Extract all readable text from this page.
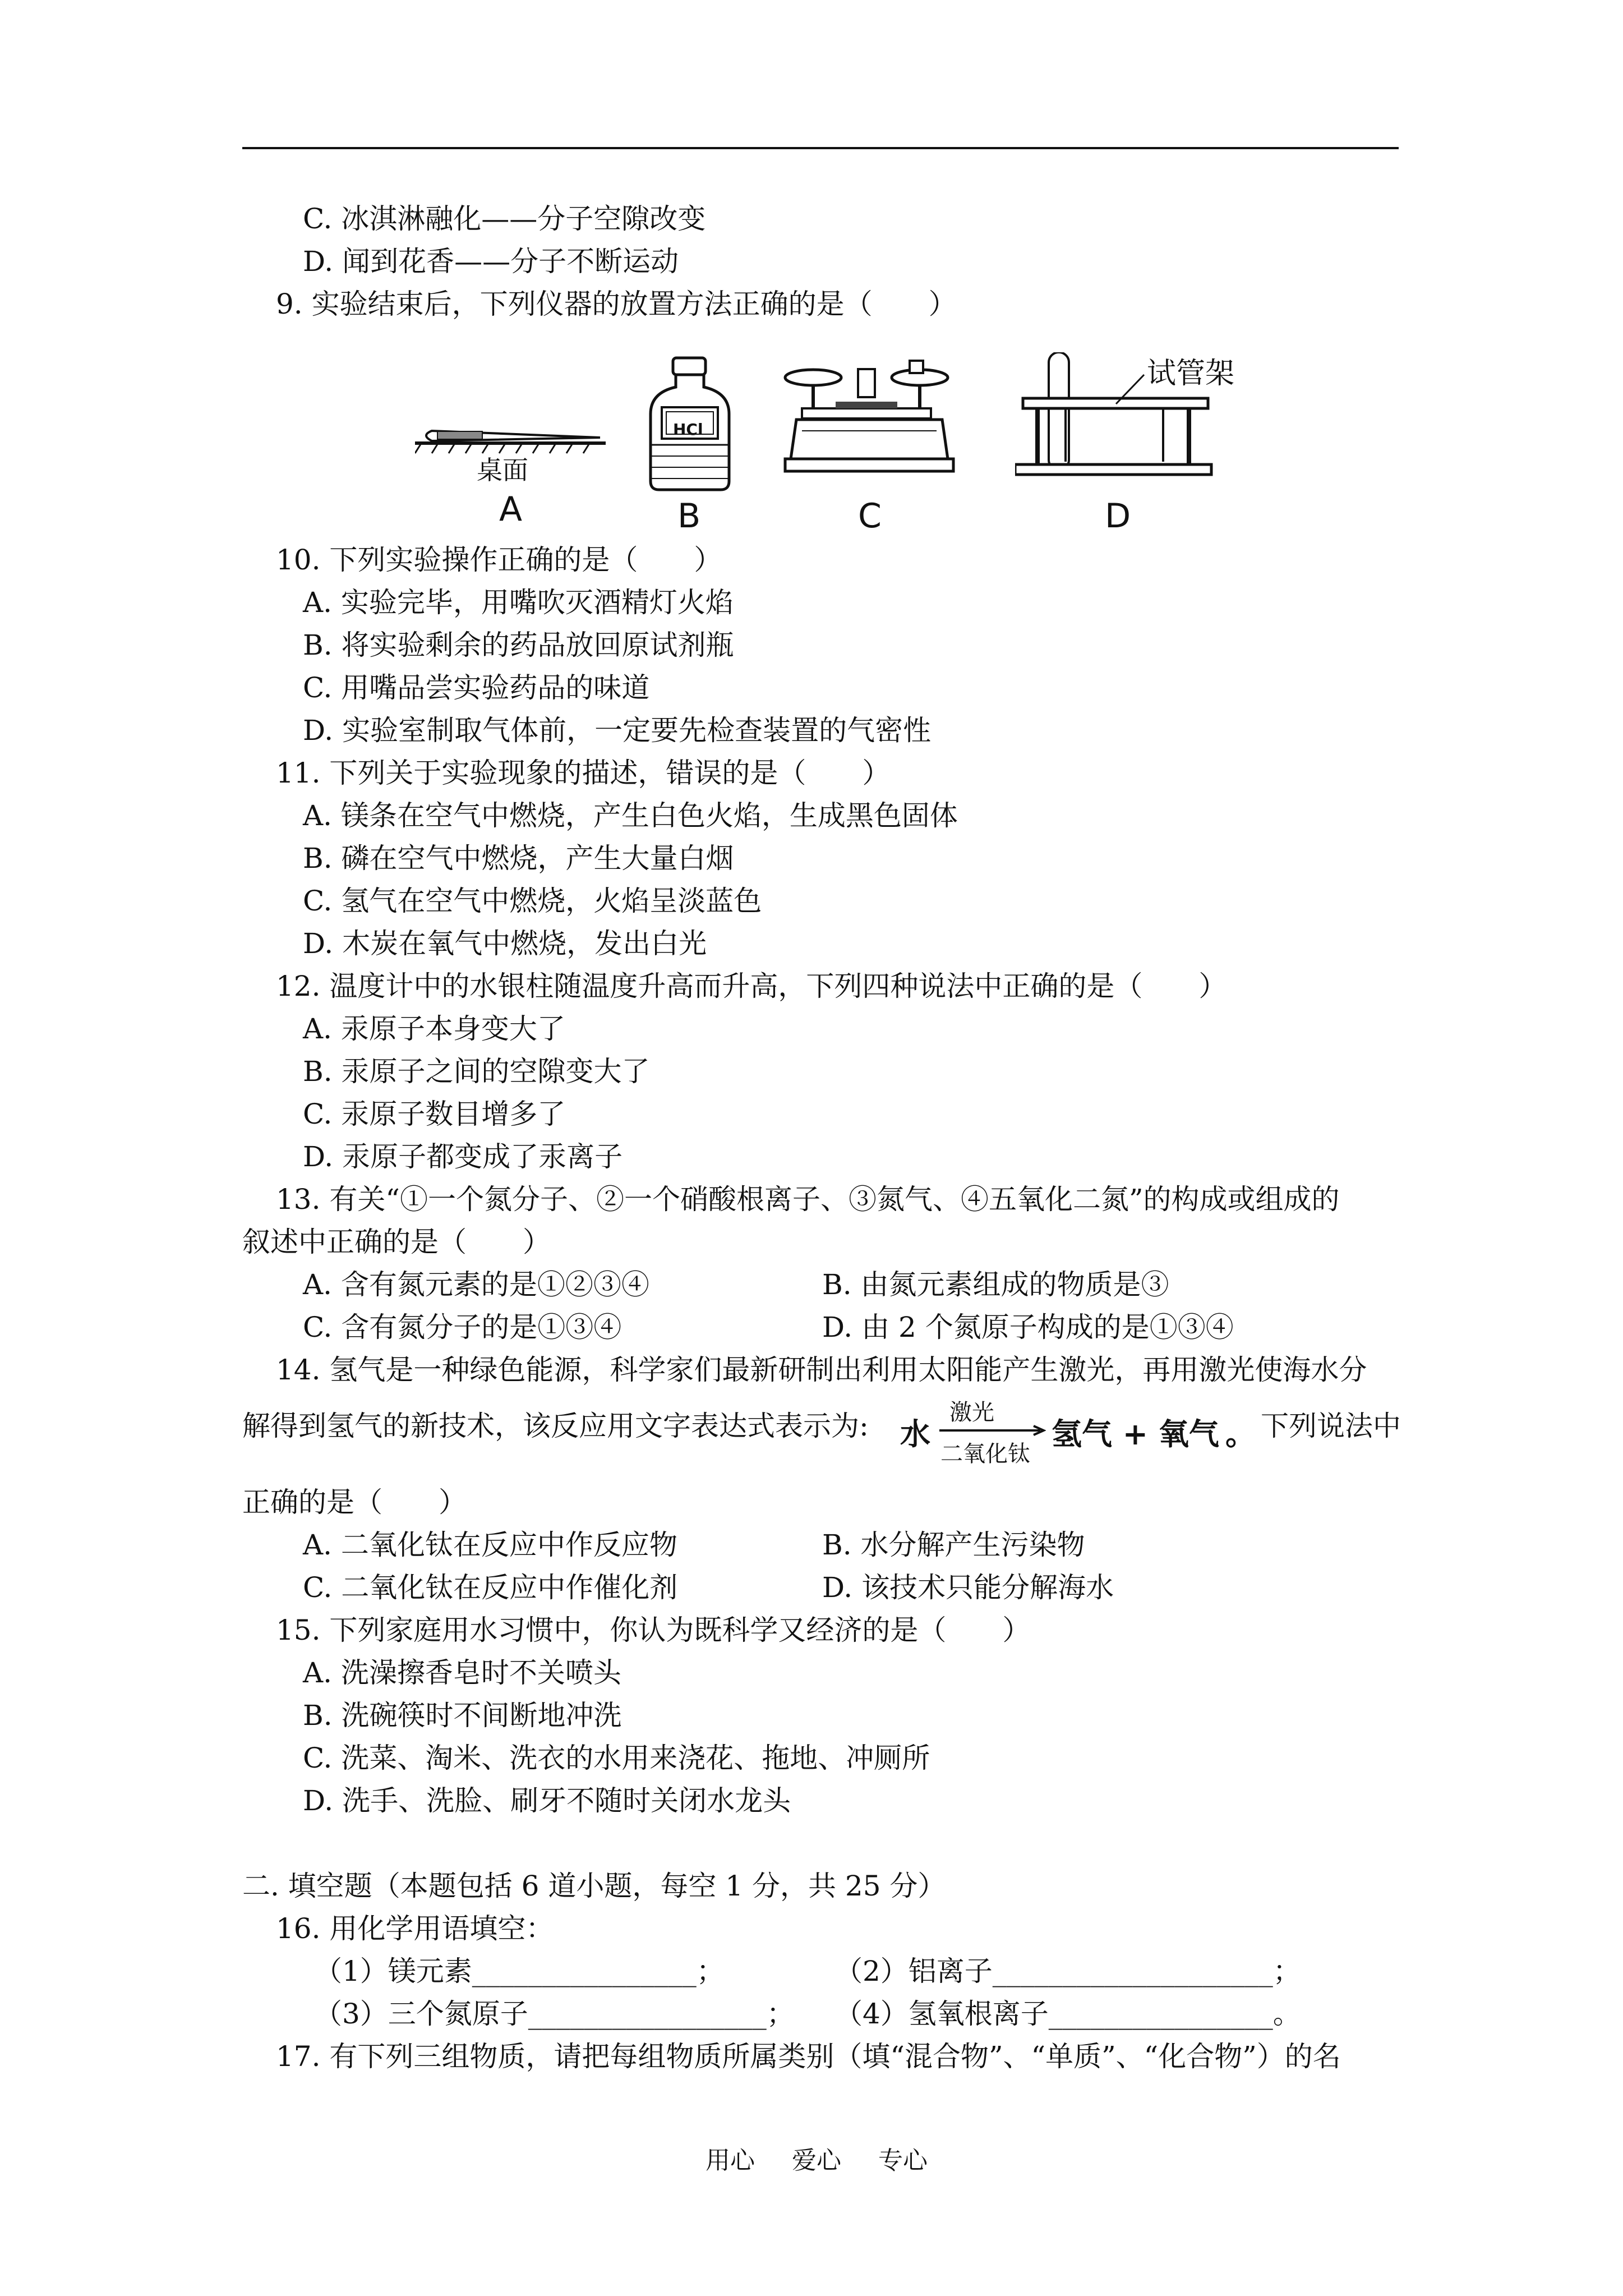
C. 冰淇淋融化——分子空隙改变
D. 闻到花香——分子不断运动
9. 实验结束后，下列仪器的放置方法正确的是（　　）
桌面
A
HCl
B	C
试管架
D
10. 下列实验操作正确的是（　　）
A. 实验完毕，用嘴吹灭酒精灯火焰
B. 将实验剩余的药品放回原试剂瓶
C. 用嘴品尝实验药品的味道
D. 实验室制取气体前，一定要先检查装置的气密性
11. 下列关于实验现象的描述，错误的是（　　）
A. 镁条在空气中燃烧，产生白色火焰，生成黑色固体
B. 磷在空气中燃烧，产生大量白烟
C. 氢气在空气中燃烧，火焰呈淡蓝色
D. 木炭在氧气中燃烧，发出白光
12. 温度计中的水银柱随温度升高而升高，下列四种说法中正确的是（　　）
A. 汞原子本身变大了
B. 汞原子之间的空隙变大了
C. 汞原子数目增多了
D. 汞原子都变成了汞离子
13. 有关“①一个氮分子、②一个硝酸根离子、③氮气、④五氧化二氮”的构成或组成的
叙述中正确的是（　　）
A. 含有氮元素的是①②③④	B. 由氮元素组成的物质是③
C. 含有氮分子的是①③④	D. 由 2 个氮原子构成的是①③④
14. 氢气是一种绿色能源，科学家们最新研制出利用太阳能产生激光，再用激光使海水分
解得到氢气的新技术，该反应用文字表达式表示为: 水
激光
二氧化钛
氢气 + 氧气 。 下列说法中
正确的是（　　）
A. 二氧化钛在反应中作反应物	B. 水分解产生污染物
C. 二氧化钛在反应中作催化剂	D. 该技术只能分解海水
15. 下列家庭用水习惯中，你认为既科学又经济的是（　　）
A. 洗澡擦香皂时不关喷头
B. 洗碗筷时不间断地冲洗
C. 洗菜、淘米、洗衣的水用来浇花、拖地、冲厕所
D. 洗手、洗脸、刷牙不随时关闭水龙头
二. 填空题（本题包括 6 道小题，每空 1 分，共 25 分）
16. 用化学用语填空：
（1）镁元素________________；	（2）铝离子____________________；
（3）三个氮原子_________________； （4）氢氧根离子________________。
17. 有下列三组物质，请把每组物质所属类别（填“混合物”、“单质”、“化合物”）的名
用心 爱心 专心
